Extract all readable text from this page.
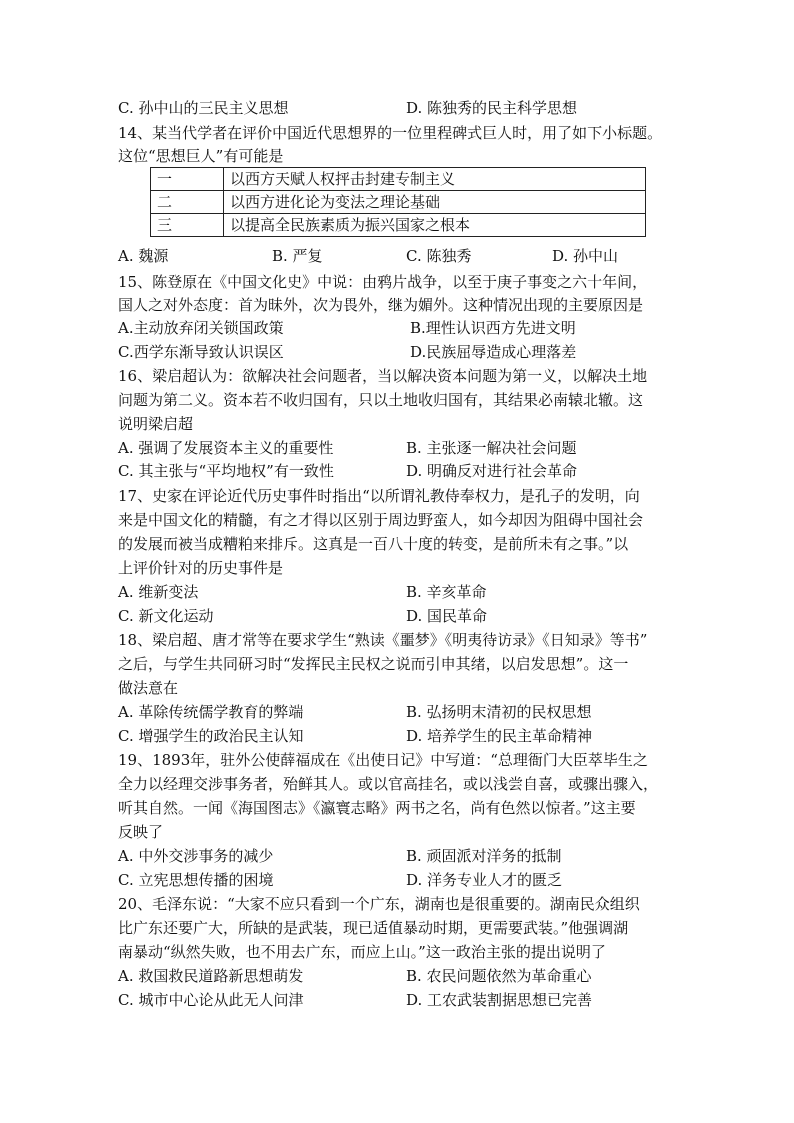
C. 孙中山的三民主义思想	D. 陈独秀的民主科学思想
14、某当代学者在评价中国近代思想界的一位里程碑式巨人时，用了如下小标题。
这位“思想巨人”有可能是
一	以西方天赋人权抨击封建专制主义
二	以西方进化论为变法之理论基础
三	以提高全民族素质为振兴国家之根本
A. 魏源	B. 严复	C. 陈独秀	D. 孙中山
15、陈登原在《中国文化史》中说：由鸦片战争，以至于庚子事变之六十年间，
国人之对外态度：首为昧外，次为畏外，继为媚外。这种情况出现的主要原因是
A.主动放弃闭关锁国政策	B.理性认识西方先进文明
C.西学东渐导致认识误区	D.民族屈辱造成心理落差
16、梁启超认为：欲解决社会问题者，当以解决资本问题为第一义，以解决土地
问题为第二义。资本若不收归国有，只以土地收归国有，其结果必南辕北辙。这
说明梁启超
A. 强调了发展资本主义的重要性	B. 主张逐一解决社会问题
C. 其主张与“平均地权”有一致性	D. 明确反对进行社会革命
17、史家在评论近代历史事件时指出“以所谓礼教侍奉权力，是孔子的发明，向
来是中国文化的精髓，有之才得以区别于周边野蛮人，如今却因为阻碍中国社会
的发展而被当成糟粕来排斥。这真是一百八十度的转变，是前所未有之事。”以
上评价针对的历史事件是
A. 维新变法	B. 辛亥革命
C. 新文化运动	D. 国民革命
18、梁启超、唐才常等在要求学生“熟读《噩梦》《明夷待访录》《日知录》等书”
之后，与学生共同研习时“发挥民主民权之说而引申其绪，以启发思想”。这一
做法意在
A. 革除传统儒学教育的弊端	B. 弘扬明末清初的民权思想
C. 增强学生的政治民主认知	D. 培养学生的民主革命精神
19、1893年，驻外公使薛福成在《出使日记》中写道：“总理衙门大臣萃毕生之
全力以经理交涉事务者，殆鲜其人。或以官高挂名，或以浅尝自喜，或骤出骤入，
听其自然。一闻《海国图志》《瀛寰志略》两书之名，尚有色然以惊者。”这主要
反映了
A. 中外交涉事务的减少	B. 顽固派对洋务的抵制
C. 立宪思想传播的困境	D. 洋务专业人才的匮乏
20、毛泽东说：“大家不应只看到一个广东，湖南也是很重要的。湖南民众组织
比广东还要广大，所缺的是武装，现已适值暴动时期，更需要武装。”他强调湖
南暴动“纵然失败，也不用去广东，而应上山。”这一政治主张的提出说明了
A. 救国救民道路新思想萌发	B. 农民问题依然为革命重心
C. 城市中心论从此无人问津	D. 工农武装割据思想已完善
